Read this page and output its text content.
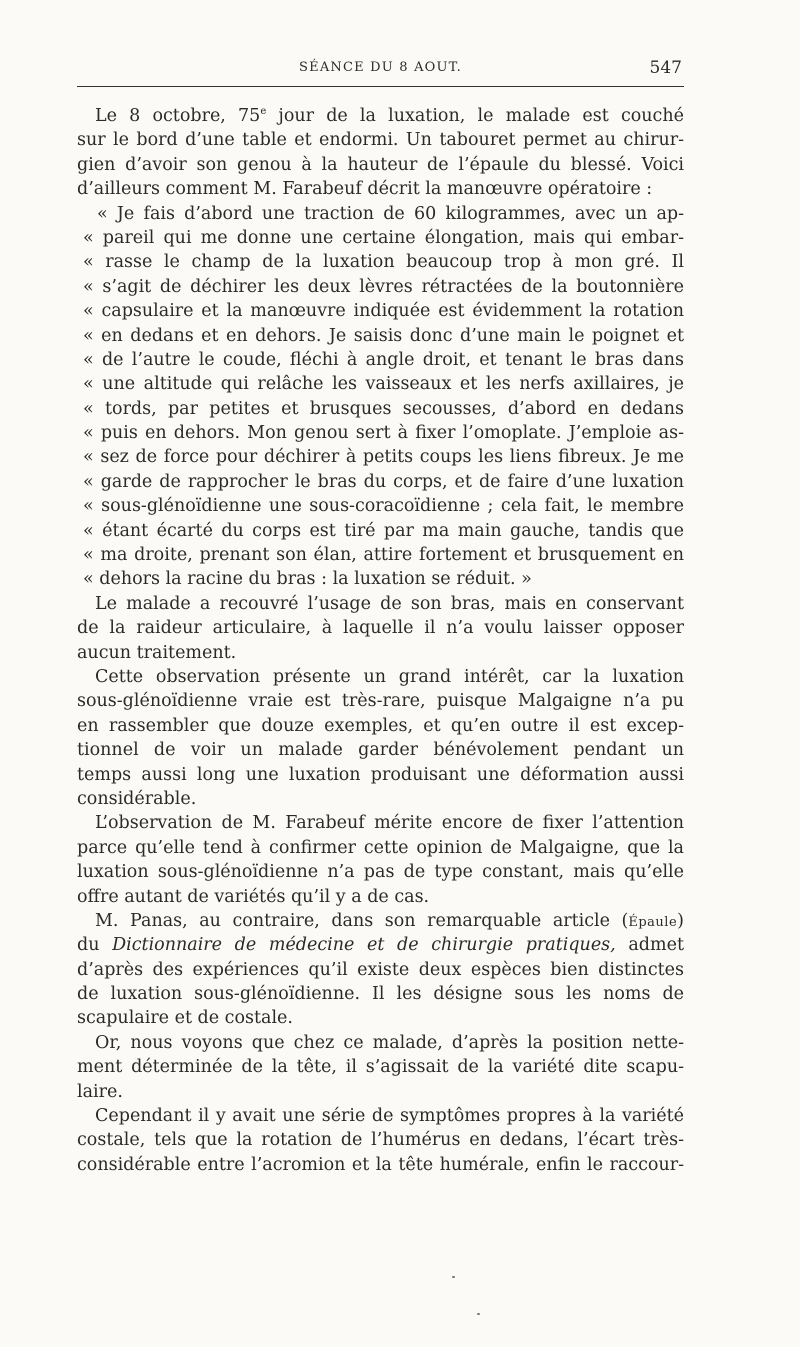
SÉANCE DU 8 AOUT.	547
Le 8 octobre, 75e jour de la luxation, le malade est couché
sur le bord d’une table et endormi. Un tabouret permet au chirur-
gien d’avoir son genou à la hauteur de l’épaule du blessé. Voici
d’ailleurs comment M. Farabeuf décrit la manœuvre opératoire :
« Je fais d’abord une traction de 60 kilogrammes, avec un ap-
« pareil qui me donne une certaine élongation, mais qui embar-
« rasse le champ de la luxation beaucoup trop à mon gré. Il
« s’agit de déchirer les deux lèvres rétractées de la boutonnière
« capsulaire et la manœuvre indiquée est évidemment la rotation
« en dedans et en dehors. Je saisis donc d’une main le poignet et
« de l’autre le coude, fléchi à angle droit, et tenant le bras dans
« une altitude qui relâche les vaisseaux et les nerfs axillaires, je
« tords, par petites et brusques secousses, d’abord en dedans
« puis en dehors. Mon genou sert à fixer l’omoplate. J’emploie as-
« sez de force pour déchirer à petits coups les liens fibreux. Je me
« garde de rapprocher le bras du corps, et de faire d’une luxation
« sous-glénoïdienne une sous-coracoïdienne ; cela fait, le membre
« étant écarté du corps est tiré par ma main gauche, tandis que
« ma droite, prenant son élan, attire fortement et brusquement en
« dehors la racine du bras : la luxation se réduit. »
Le malade a recouvré l’usage de son bras, mais en conservant
de la raideur articulaire, à laquelle il n’a voulu laisser opposer
aucun traitement.
Cette observation présente un grand intérêt, car la luxation
sous-glénoïdienne vraie est très-rare, puisque Malgaigne n’a pu
en rassembler que douze exemples, et qu’en outre il est excep-
tionnel de voir un malade garder bénévolement pendant un
temps aussi long une luxation produisant une déformation aussi
considérable.
L’observation de M. Farabeuf mérite encore de fixer l’attention
parce qu’elle tend à confirmer cette opinion de Malgaigne, que la
luxation sous-glénoïdienne n’a pas de type constant, mais qu’elle
offre autant de variétés qu’il y a de cas.
M. Panas, au contraire, dans son remarquable article (Épaule)
du Dictionnaire de médecine et de chirurgie pratiques, admet
d’après des expériences qu’il existe deux espèces bien distinctes
de luxation sous-glénoïdienne. Il les désigne sous les noms de
scapulaire et de costale.
Or, nous voyons que chez ce malade, d’après la position nette-
ment déterminée de la tête, il s’agissait de la variété dite scapu-
laire.
Cependant il y avait une série de symptômes propres à la variété
costale, tels que la rotation de l’humérus en dedans, l’écart très-
considérable entre l’acromion et la tête humérale, enfin le raccour-
